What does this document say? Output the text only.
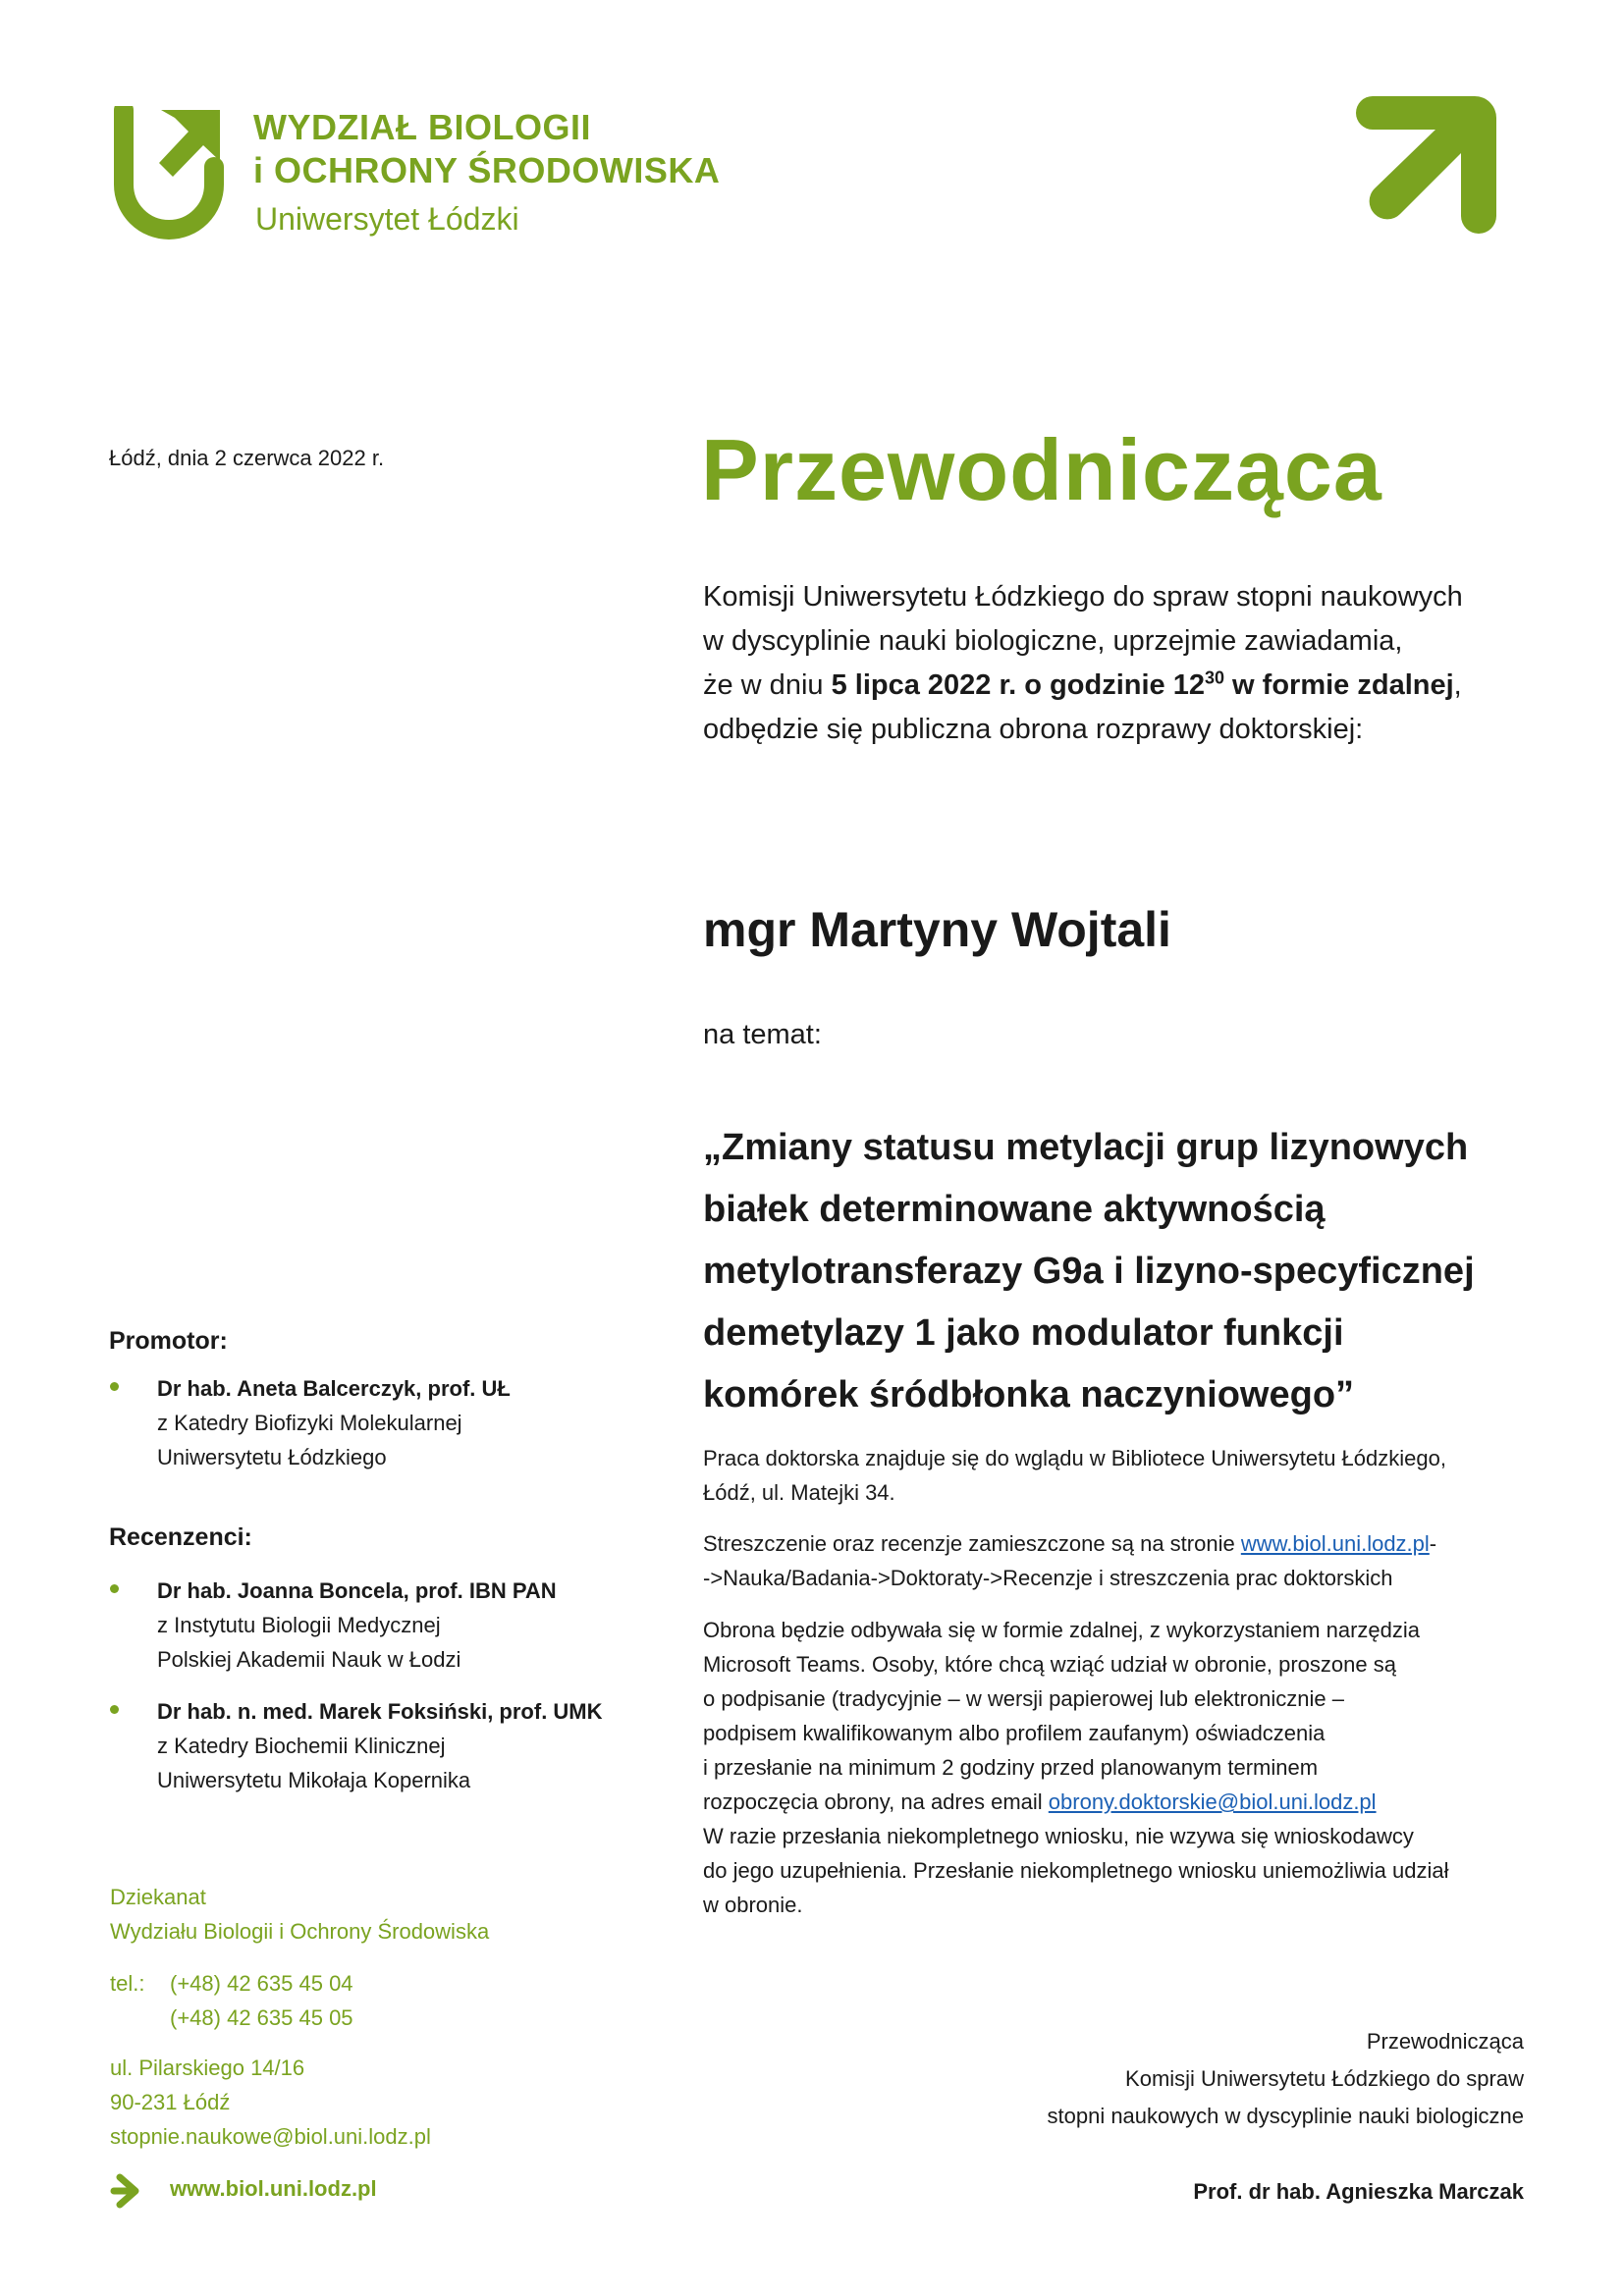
WYDZIAŁ BIOLOGII
i OCHRONY ŚRODOWISKA
Uniwersytet Łódzki
Łódź, dnia 2 czerwca 2022 r.	Przewodnicząca
Komisji Uniwersytetu Łódzkiego do spraw stopni naukowych
w dyscyplinie nauki biologiczne, uprzejmie zawiadamia,
że w dniu 5 lipca 2022 r. o godzinie $12^{30}$ w formie zdalnej,
odbędzie się publiczna obrona rozprawy doktorskiej:
mgr Martyny Wojtali
na temat:
„Zmiany statusu metylacji grup lizynowych
białek determinowane aktywnością
metylotransferazy G9a i lizyno-specyficznej
demetylazy 1 jako modulator funkcji
komórek śródbłonka naczyniowego”
Praca doktorska znajduje się do wglądu w Bibliotece Uniwersytetu Łódzkiego,
Łódź, ul. Matejki 34.
Streszczenie oraz recenzje zamieszczone są na stronie www.biol.uni.lodz.pl-
->Nauka/Badania->Doktoraty->Recenzje i streszczenia prac doktorskich
Obrona będzie odbywała się w formie zdalnej, z wykorzystaniem narzędzia
Microsoft Teams. Osoby, które chcą wziąć udział w obronie, proszone są
o podpisanie (tradycyjnie – w wersji papierowej lub elektronicznie –
podpisem kwalifikowanym albo profilem zaufanym) oświadczenia
i przesłanie na minimum 2 godziny przed planowanym terminem
rozpoczęcia obrony, na adres email obrony.doktorskie@biol.uni.lodz.pl
W razie przesłania niekompletnego wniosku, nie wzywa się wnioskodawcy
do jego uzupełnienia. Przesłanie niekompletnego wniosku uniemożliwia udział
w obronie.
Promotor:
Dr hab. Aneta Balcerczyk, prof. UŁ
z Katedry Biofizyki Molekularnej
Uniwersytetu Łódzkiego
Recenzenci:
Dr hab. Joanna Boncela, prof. IBN PAN
z Instytutu Biologii Medycznej
Polskiej Akademii Nauk w Łodzi
Dr hab. n. med. Marek Foksiński, prof. UMK
z Katedry Biochemii Klinicznej
Uniwersytetu Mikołaja Kopernika
Dziekanat
Wydziału Biologii i Ochrony Środowiska
tel.: (+48) 42 635 45 04
(+48) 42 635 45 05
ul. Pilarskiego 14/16
90-231 Łódź
stopnie.naukowe@biol.uni.lodz.pl
www.biol.uni.lodz.pl
Przewodnicząca
Komisji Uniwersytetu Łódzkiego do spraw
stopni naukowych w dyscyplinie nauki biologiczne
Prof. dr hab. Agnieszka Marczak
